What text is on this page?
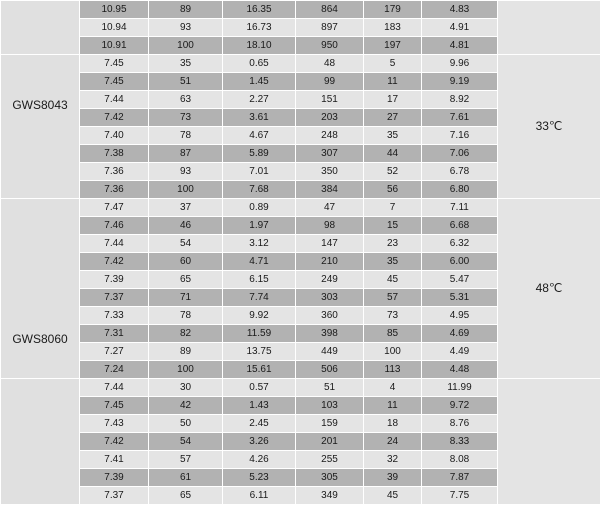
	10.95	89	16.35	864	179	4.83	
	10.94	93	16.73	897	183	4.91	
	10.91	100	18.10	950	197	4.81	
GWS8043	7.45	35	0.65	48	5	9.96	33℃
	7.45	51	1.45	99	11	9.19	
	7.44	63	2.27	151	17	8.92	
	7.42	73	3.61	203	27	7.61	
	7.40	78	4.67	248	35	7.16	
	7.38	87	5.89	307	44	7.06	
	7.36	93	7.01	350	52	6.78	
	7.36	100	7.68	384	56	6.80	
GWS8060	7.47	37	0.89	47	7	7.11	48℃
	7.46	46	1.97	98	15	6.68	
	7.44	54	3.12	147	23	6.32	
	7.42	60	4.71	210	35	6.00	
	7.39	65	6.15	249	45	5.47	
	7.37	71	7.74	303	57	5.31	
	7.33	78	9.92	360	73	4.95	
	7.31	82	11.59	398	85	4.69	
	7.27	89	13.75	449	100	4.49	
	7.24	100	15.61	506	113	4.48	
	7.44	30	0.57	51	4	11.99	
	7.45	42	1.43	103	11	9.72	
	7.43	50	2.45	159	18	8.76	
	7.42	54	3.26	201	24	8.33	
	7.41	57	4.26	255	32	8.08	
	7.39	61	5.23	305	39	7.87	
	7.37	65	6.11	349	45	7.75	
